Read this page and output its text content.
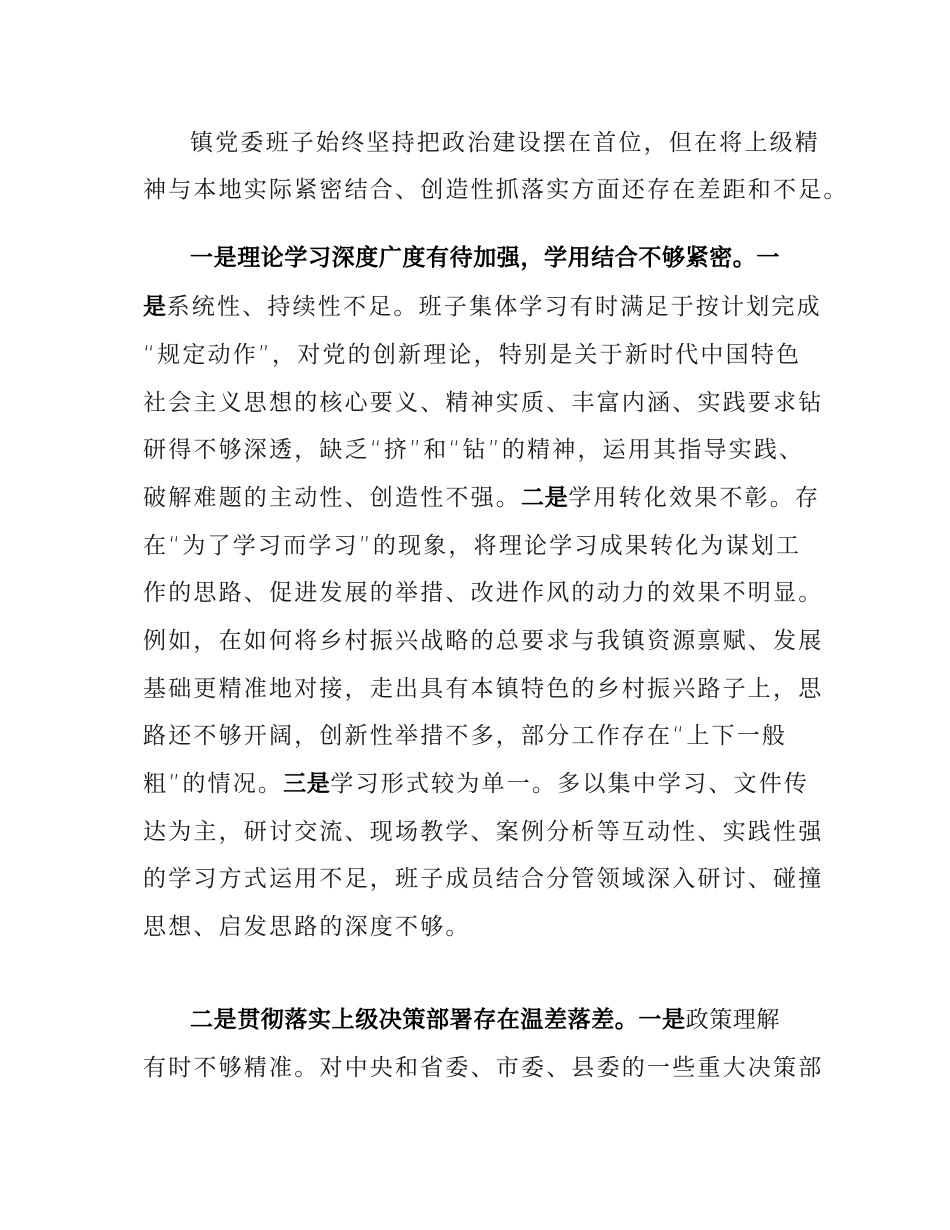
镇党委班子始终坚持把政治建设摆在首位，但在将上级精
神与本地实际紧密结合、创造性抓落实方面还存在差距和不足。
一是理论学习深度广度有待加强，学用结合不够紧密。一
是系统性、持续性不足。班子集体学习有时满足于按计划完成
“规定动作”，对党的创新理论，特别是关于新时代中国特色
社会主义思想的核心要义、精神实质、丰富内涵、实践要求钻
研得不够深透，缺乏“挤”和“钻”的精神，运用其指导实践、
破解难题的主动性、创造性不强。二是学用转化效果不彰。存
在“为了学习而学习”的现象，将理论学习成果转化为谋划工
作的思路、促进发展的举措、改进作风的动力的效果不明显。
例如，在如何将乡村振兴战略的总要求与我镇资源禀赋、发展
基础更精准地对接，走出具有本镇特色的乡村振兴路子上，思
路还不够开阔，创新性举措不多，部分工作存在“上下一般
粗”的情况。三是学习形式较为单一。多以集中学习、文件传
达为主，研讨交流、现场教学、案例分析等互动性、实践性强
的学习方式运用不足，班子成员结合分管领域深入研讨、碰撞
思想、启发思路的深度不够。
二是贯彻落实上级决策部署存在温差落差。一是政策理解
有时不够精准。对中央和省委、市委、县委的一些重大决策部
